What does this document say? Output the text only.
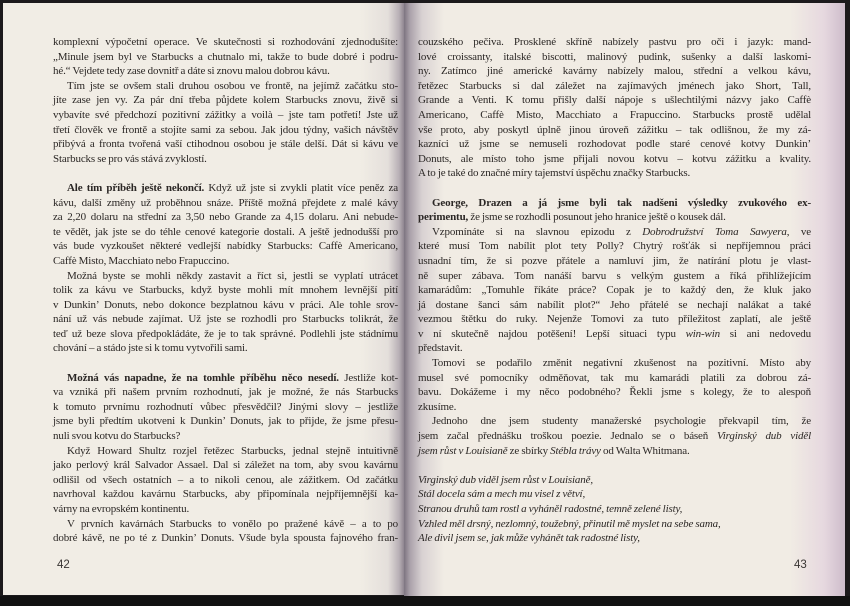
komplexní výpočetní operace. Ve skutečnosti si rozhodování zjednodušíte:
„Minule jsem byl ve Starbucks a chutnalo mi, takže to bude dobré i podru-
hé.“ Vejdete tedy zase dovnitř a dáte si znovu malou dobrou kávu.
Tím jste se ovšem stali druhou osobou ve frontě, na jejímž začátku sto-
jíte zase jen vy. Za pár dní třeba půjdete kolem Starbucks znovu, živě si
vybavíte své předchozí pozitivní zážitky a voilà – jste tam potřetí! Jste už
třetí člověk ve frontě a stojíte sami za sebou. Jak jdou týdny, vašich návštěv
přibývá a fronta tvořená vaší ctihodnou osobou je stále delší. Dát si kávu ve
Starbucks se pro vás stává zvyklostí.
Ale tím příběh ještě nekončí. Když už jste si zvykli platit více peněz za
kávu, další změny už proběhnou snáze. Příště možná přejdete z malé kávy
za 2,20 dolaru na střední za 3,50 nebo Grande za 4,15 dolaru. Ani nebude-
te vědět, jak jste se do téhle cenové kategorie dostali. A ještě jednodušší pro
vás bude vyzkoušet některé vedlejší nabídky Starbucks: Caffè Americano,
Caffè Misto, Macchiato nebo Frapuccino.
Možná byste se mohli někdy zastavit a říct si, jestli se vyplatí utrácet
tolik za kávu ve Starbucks, když byste mohli mít mnohem levnější pití
v Dunkin’ Donuts, nebo dokonce bezplatnou kávu v práci. Ale tohle srov-
nání už vás nebude zajímat. Už jste se rozhodli pro Starbucks tolikrát, že
teď už beze slova předpokládáte, že je to tak správné. Podlehli jste stádnímu
chování – a stádo jste si k tomu vytvořili sami.
Možná vás napadne, že na tomhle příběhu něco nesedí. Jestliže kot-
va vzniká při našem prvním rozhodnutí, jak je možné, že nás Starbucks
k tomuto prvnímu rozhodnutí vůbec přesvědčil? Jinými slovy – jestliže
jsme byli předtím ukotveni k Dunkin’ Donuts, jak to přijde, že jsme přesu-
nuli svou kotvu do Starbucks?
Když Howard Shultz rozjel řetězec Starbucks, jednal stejně intuitivně
jako perlový král Salvador Assael. Dal si záležet na tom, aby svou kavárnu
odlišil od všech ostatních – a to nikoli cenou, ale zážitkem. Od začátku
navrhoval každou kavárnu Starbucks, aby připomínala nejpříjemnější ka-
várny na evropském kontinentu.
V prvních kavárnách Starbucks to vonělo po pražené kávě – a to po
dobré kávě, ne po té z Dunkin’ Donuts. Všude byla spousta fajnového fran-
42
couzského pečiva. Prosklené skříně nabízely pastvu pro oči i jazyk: mand-
lové croissanty, italské biscotti, malinový pudink, sušenky a další laskomi-
ny. Zatímco jiné americké kavárny nabízely malou, střední a velkou kávu,
řetězec Starbucks si dal záležet na zajímavých jménech jako Short, Tall,
Grande a Venti. K tomu přišly další nápoje s ušlechtilými názvy jako Caffè
Americano, Caffè Misto, Macchiato a Frapuccino. Starbucks prostě udělal
vše proto, aby poskytl úplně jinou úroveň zážitku – tak odlišnou, že my zá-
kazníci už jsme se nemuseli rozhodovat podle staré cenové kotvy Dunkin’
Donuts, ale místo toho jsme přijali novou kotvu – kotvu zážitku a kvality.
A to je také do značné míry tajemství úspěchu značky Starbucks.
George, Drazen a já jsme byli tak nadšeni výsledky zvukového ex-
perimentu, že jsme se rozhodli posunout jeho hranice ještě o kousek dál.
Vzpomínáte si na slavnou epizodu z Dobrodružství Toma Sawyera, ve
které musí Tom nabílit plot tety Polly? Chytrý rošťák si nepříjemnou práci
usnadní tím, že si pozve přátele a namluví jim, že natírání plotu je vlast-
ně super zábava. Tom nanáší barvu s velkým gustem a říká přihlížejícím
kamarádům: „Tomuhle říkáte práce? Copak je to každý den, že kluk jako
já dostane šanci sám nabílit plot?“ Jeho přátelé se nechají nalákat a také
vezmou štětku do ruky. Nejenže Tomovi za tuto příležitost zaplatí, ale ještě
v ní skutečně najdou potěšení! Lepší situaci typu win-win si ani nedovedu
představit.
Tomovi se podařilo změnit negativní zkušenost na pozitivní. Místo aby
musel své pomocníky odměňovat, tak mu kamarádi platili za dobrou zá-
bavu. Dokážeme i my něco podobného? Řekli jsme s kolegy, že to alespoň
zkusíme.
Jednoho dne jsem studenty manažerské psychologie překvapil tím, že
jsem začal přednášku troškou poezie. Jednalo se o báseň Virginský dub viděl
jsem růst v Louisianě ze sbírky Stébla trávy od Walta Whitmana.
Virginský dub viděl jsem růst v Louisianě,
Stál docela sám a mech mu visel z větví,
Stranou druhů tam rostl a vyháněl radostné, temně zelené listy,
Vzhled měl drsný, nezlomný, toužebný, přinutil mě myslet na sebe sama,
Ale divil jsem se, jak může vyhánět tak radostné listy,
43
